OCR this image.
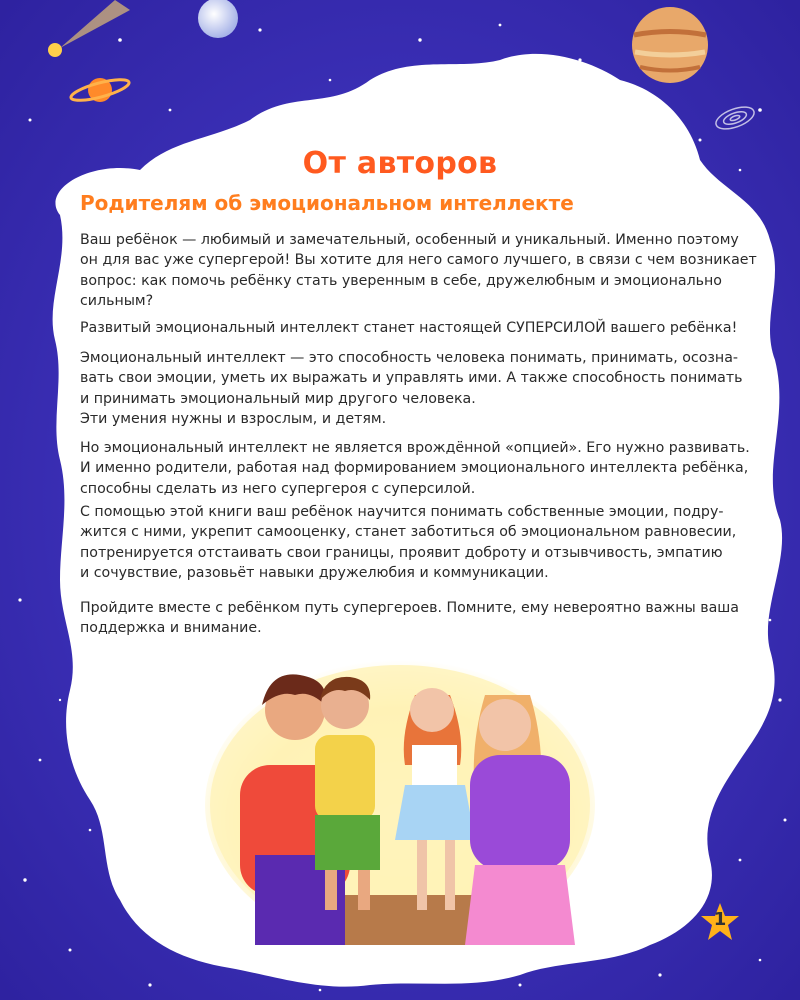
От авторов
Родителям об эмоциональном интеллекте

Ваш ребёнок — любимый и замечательный, особенный и уникальный. Именно поэтому
он для вас уже супергерой! Вы хотите для него самого лучшего, в связи с чем возникает
вопрос: как помочь ребёнку стать уверенным в себе, дружелюбным и эмоционально
сильным?

Развитый эмоциональный интеллект станет настоящей СУПЕРСИЛОЙ вашего ребёнка!

Эмоциональный интеллект — это способность человека понимать, принимать, осозна-
вать свои эмоции, уметь их выражать и управлять ими. А также способность понимать
и принимать эмоциональный мир другого человека.
Эти умения нужны и взрослым, и детям.

Но эмоциональный интеллект не является врождённой «опцией». Его нужно развивать.
И именно родители, работая над формированием эмоционального интеллекта ребёнка,
способны сделать из него супергероя с суперсилой.

С помощью этой книги ваш ребёнок научится понимать собственные эмоции, подру-
жится с ними, укрепит самооценку, станет заботиться об эмоциональном равновесии,
потренируется отстаивать свои границы, проявит доброту и отзывчивость, эмпатию
и сочувствие, разовьёт навыки дружелюбия и коммуникации.

Пройдите вместе с ребёнком путь супергероев. Помните, ему невероятно важны ваша
поддержка и внимание.

1
